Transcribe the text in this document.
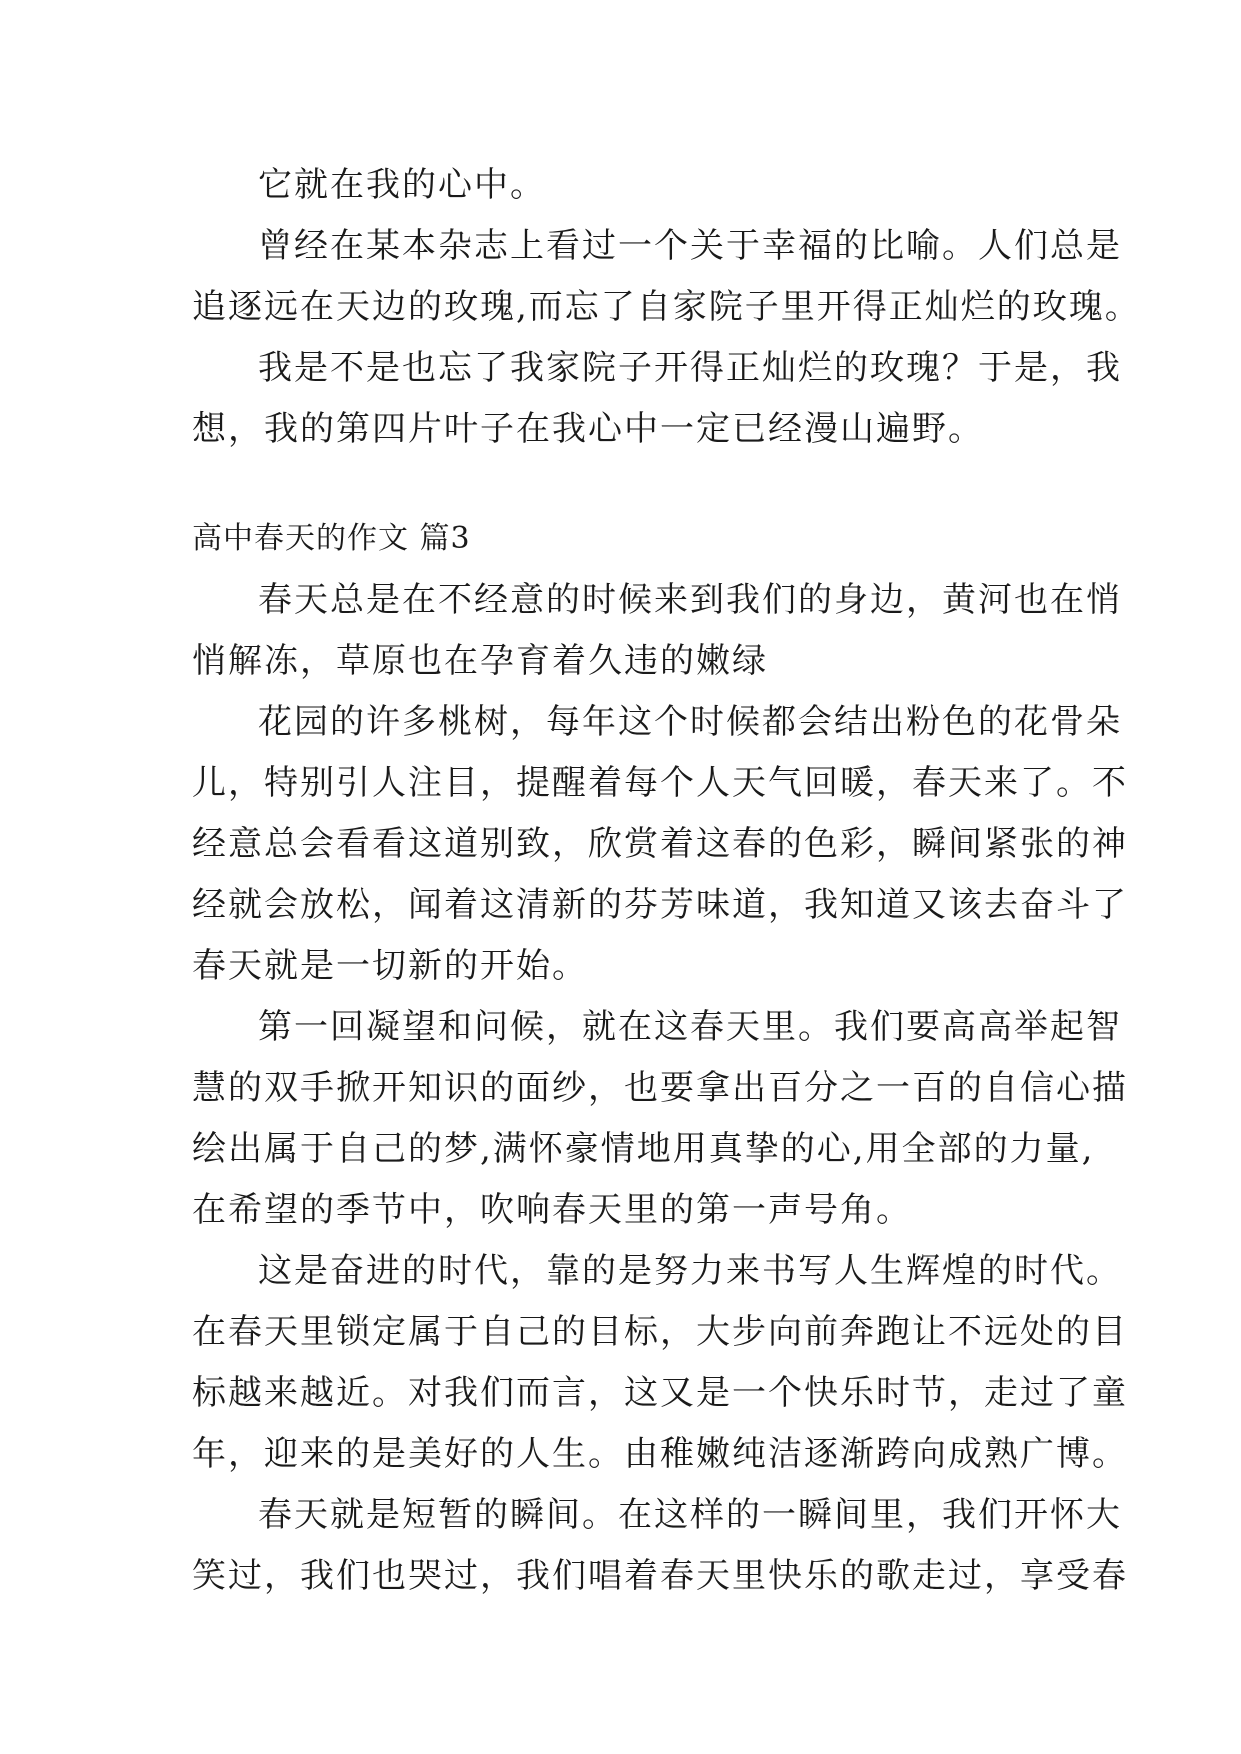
它就在我的心中。
曾经在某本杂志上看过一个关于幸福的比喻。人们总是
追逐远在天边的玫瑰,而忘了自家院子里开得正灿烂的玫瑰。
我是不是也忘了我家院子开得正灿烂的玫瑰？于是，我
想，我的第四片叶子在我心中一定已经漫山遍野。
高中春天的作文 篇3
春天总是在不经意的时候来到我们的身边，黄河也在悄
悄解冻，草原也在孕育着久违的嫩绿
花园的许多桃树，每年这个时候都会结出粉色的花骨朵
儿，特别引人注目，提醒着每个人天气回暖，春天来了。不
经意总会看看这道别致，欣赏着这春的色彩，瞬间紧张的神
经就会放松，闻着这清新的芬芳味道，我知道又该去奋斗了
春天就是一切新的开始。
第一回凝望和问候，就在这春天里。我们要高高举起智
慧的双手掀开知识的面纱，也要拿出百分之一百的自信心描
绘出属于自己的梦,满怀豪情地用真挚的心,用全部的力量,
在希望的季节中，吹响春天里的第一声号角。
这是奋进的时代，靠的是努力来书写人生辉煌的时代。
在春天里锁定属于自己的目标，大步向前奔跑让不远处的目
标越来越近。对我们而言，这又是一个快乐时节，走过了童
年，迎来的是美好的人生。由稚嫩纯洁逐渐跨向成熟广博。
春天就是短暂的瞬间。在这样的一瞬间里，我们开怀大
笑过，我们也哭过，我们唱着春天里快乐的歌走过，享受春
